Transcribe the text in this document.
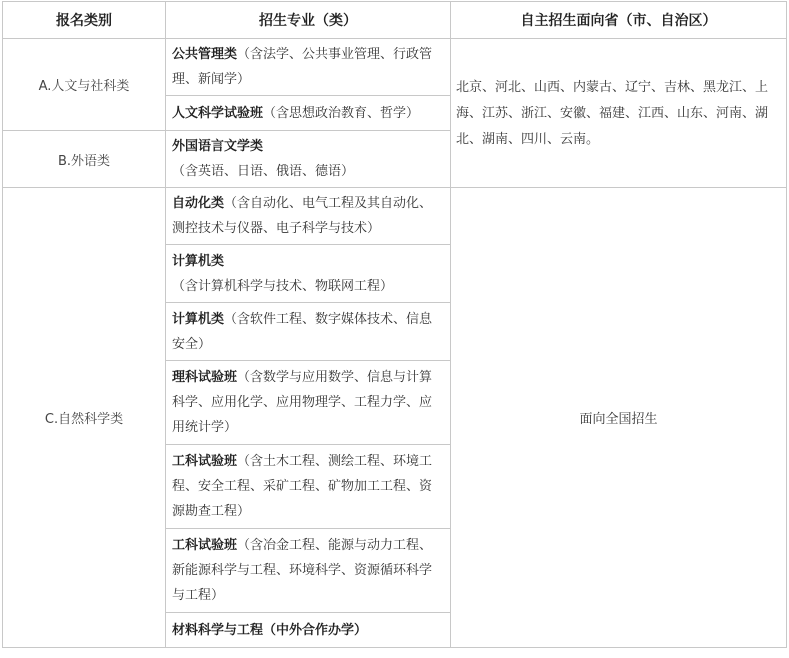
报名类别	招生专业（类）	自主招生面向省（市、自治区）
A.人文与社科类	公共管理类（含法学、公共事业管理、行政管理、新闻学）	北京、河北、山西、内蒙古、辽宁、吉林、黑龙江、上海、江苏、浙江、安徽、福建、江西、山东、河南、湖北、湖南、四川、云南。
	人文科学试验班（含思想政治教育、哲学）	
B.外语类	外国语言文学类（含英语、日语、俄语、德语）	
C.自然科学类	自动化类（含自动化、电气工程及其自动化、测控技术与仪器、电子科学与技术）	面向全国招生
	计算机类（含计算机科学与技术、物联网工程）	
	计算机类（含软件工程、数字媒体技术、信息安全）	
	理科试验班（含数学与应用数学、信息与计算科学、应用化学、应用物理学、工程力学、应用统计学）	
	工科试验班（含土木工程、测绘工程、环境工程、安全工程、采矿工程、矿物加工工程、资源勘查工程）	
	工科试验班（含冶金工程、能源与动力工程、新能源科学与工程、环境科学、资源循环科学与工程）	
	材料科学与工程（中外合作办学）	
